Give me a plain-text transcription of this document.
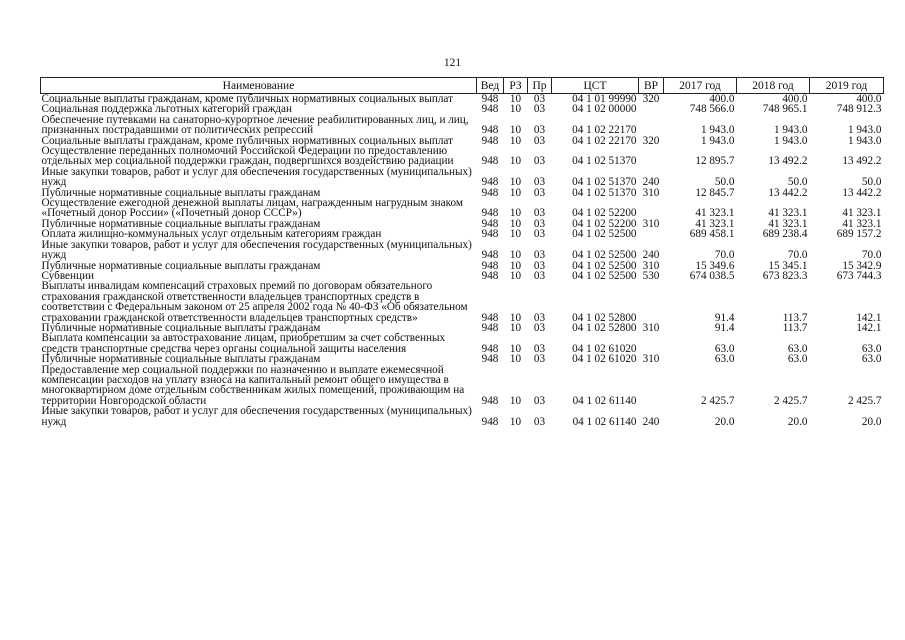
121
Наименование	Вед	РЗ	Пр	ЦСТ	ВР	2017 год	2018 год	2019 год
Социальные выплаты гражданам, кроме публичных нормативных социальных выплат	948	10	03	04 1 01 99990	320	400.0	400.0	400.0
Социальная поддержка льготных категорий граждан	948	10	03	04 1 02 00000		748 566.0	748 965.1	748 912.3
Обеспечение путевками на санаторно-курортное лечение реабилитированных лиц, и лиц, признанных пострадавшими от политических репрессий	948	10	03	04 1 02 22170		1 943.0	1 943.0	1 943.0
Социальные выплаты гражданам, кроме публичных нормативных социальных выплат	948	10	03	04 1 02 22170	320	1 943.0	1 943.0	1 943.0
Осуществление переданных полномочий Российской Федерации по предоставлению отдельных мер социальной поддержки граждан, подвергшихся воздействию радиации	948	10	03	04 1 02 51370		12 895.7	13 492.2	13 492.2
Иные закупки товаров, работ и услуг для обеспечения государственных (муниципальных) нужд	948	10	03	04 1 02 51370	240	50.0	50.0	50.0
Публичные нормативные социальные выплаты гражданам	948	10	03	04 1 02 51370	310	12 845.7	13 442.2	13 442.2
Осуществление ежегодной денежной выплаты лицам, награжденным нагрудным знаком «Почетный донор России» («Почетный донор СССР»)	948	10	03	04 1 02 52200		41 323.1	41 323.1	41 323.1
Публичные нормативные социальные выплаты гражданам	948	10	03	04 1 02 52200	310	41 323.1	41 323.1	41 323.1
Оплата жилищно-коммунальных услуг отдельным категориям граждан	948	10	03	04 1 02 52500		689 458.1	689 238.4	689 157.2
Иные закупки товаров, работ и услуг для обеспечения государственных (муниципальных) нужд	948	10	03	04 1 02 52500	240	70.0	70.0	70.0
Публичные нормативные социальные выплаты гражданам	948	10	03	04 1 02 52500	310	15 349.6	15 345.1	15 342.9
Субвенции	948	10	03	04 1 02 52500	530	674 038.5	673 823.3	673 744.3
Выплаты инвалидам компенсаций страховых премий по договорам обязательного страхования гражданской ответственности владельцев транспортных средств в соответствии с Федеральным законом от 25 апреля 2002 года № 40-ФЗ «Об обязательном страховании гражданской ответственности владельцев транспортных средств»	948	10	03	04 1 02 52800		91.4	113.7	142.1
Публичные нормативные социальные выплаты гражданам	948	10	03	04 1 02 52800	310	91.4	113.7	142.1
Выплата компенсации за автострахование лицам, приобретшим за счет собственных средств транспортные средства через органы социальной защиты населения	948	10	03	04 1 02 61020		63.0	63.0	63.0
Публичные нормативные социальные выплаты гражданам	948	10	03	04 1 02 61020	310	63.0	63.0	63.0
Предоставление мер социальной поддержки по назначению и выплате ежемесячной компенсации расходов на уплату взноса на капитальный ремонт общего имущества в многоквартирном доме отдельным собственникам жилых помещений, проживающим на территории Новгородской области	948	10	03	04 1 02 61140		2 425.7	2 425.7	2 425.7
Иные закупки товаров, работ и услуг для обеспечения государственных (муниципальных) нужд	948	10	03	04 1 02 61140	240	20.0	20.0	20.0
